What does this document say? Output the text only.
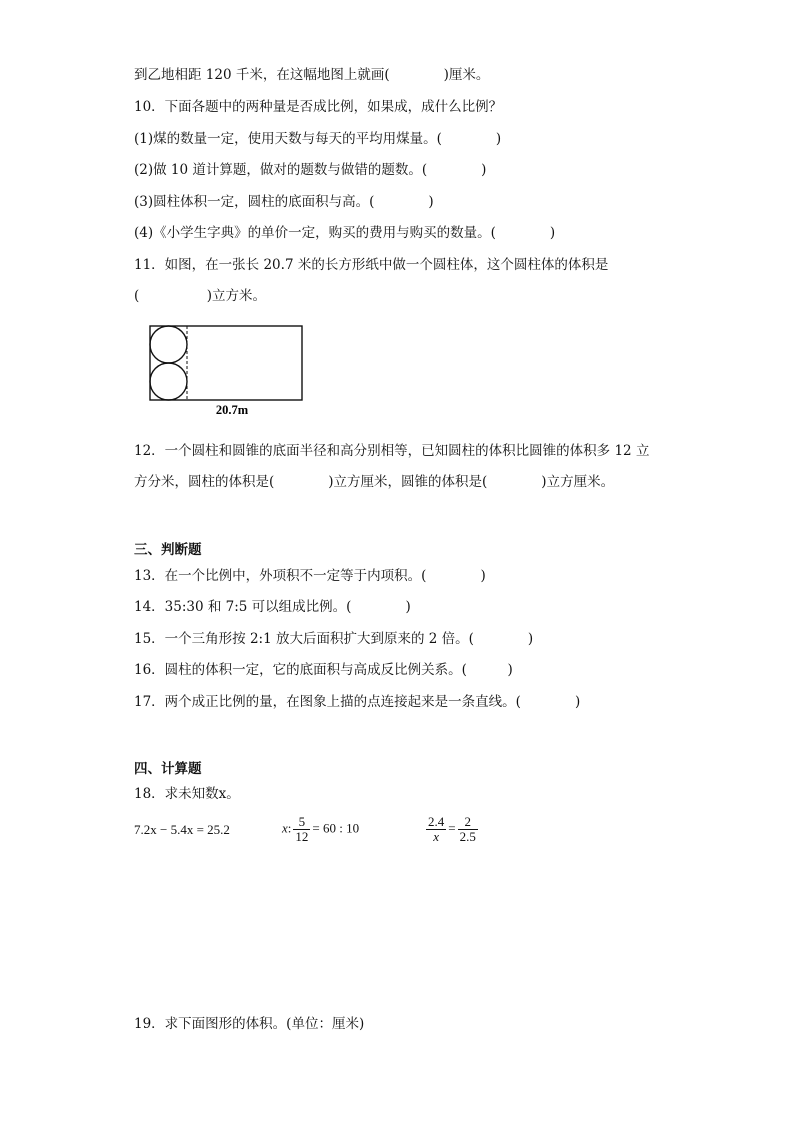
到乙地相距 120 千米，在这幅地图上就画(　　　　)厘米。
10．下面各题中的两种量是否成比例，如果成，成什么比例？
(1)煤的数量一定，使用天数与每天的平均用煤量。(　　　　)
(2)做 10 道计算题，做对的题数与做错的题数。(　　　　)
(3)圆柱体积一定，圆柱的底面积与高。(　　　　)
(4)《小学生字典》的单价一定，购买的费用与购买的数量。(　　　　)
11．如图，在一张长 20.7 米的长方形纸中做一个圆柱体，这个圆柱体的体积是
(　　　　　)立方米。
20.7m
12．一个圆柱和圆锥的底面半径和高分别相等，已知圆柱的体积比圆锥的体积多 12 立
方分米，圆柱的体积是(　　　　)立方厘米，圆锥的体积是(　　　　)立方厘米。
三、判断题
13．在一个比例中，外项积不一定等于内项积。(　　　　)
14．35:30 和 7:5 可以组成比例。(　　　　)
15．一个三角形按 2:1 放大后面积扩大到原来的 2 倍。(　　　　)
16．圆柱的体积一定，它的底面积与高成反比例关系。(　　　)
17．两个成正比例的量，在图象上描的点连接起来是一条直线。(　　　　)
四、计算题
18．求未知数x。
7.2x − 5.4x = 25.2	x: $\frac{5}{12} = 60$ : 10	$\frac{2.4}{x} = \frac{2}{2.5}$
19．求下面图形的体积。(单位：厘米)
